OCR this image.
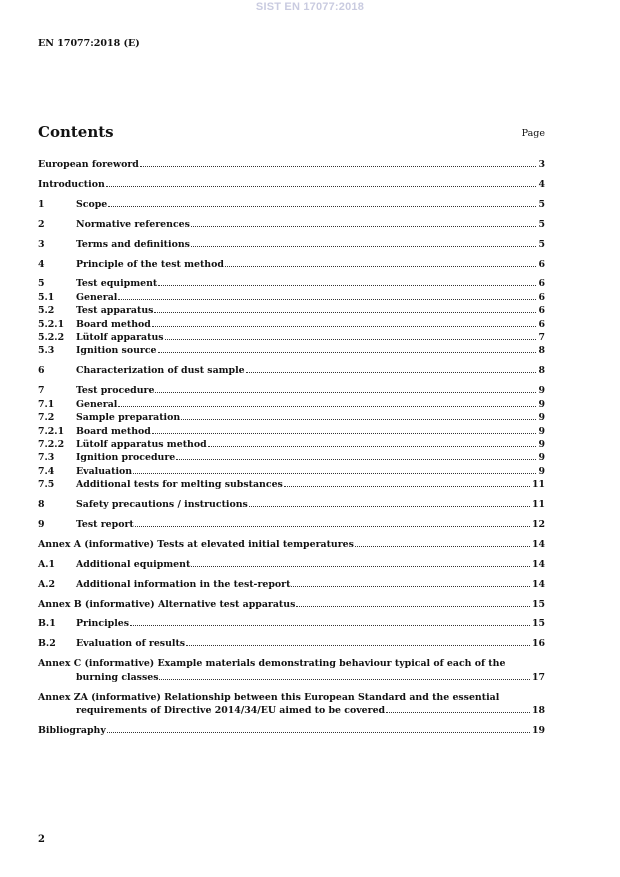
SIST EN 17077:2018
EN 17077:2018 (E)
Contents	Page
European foreword	3
Introduction	4
1	Scope	5
2	Normative references	5
3	Terms and definitions	5
4	Principle of the test method	6
5	Test equipment	6
5.1	General	6
5.2	Test apparatus	6
5.2.1	Board method	6
5.2.2	Lütolf apparatus	7
5.3	Ignition source	8
6	Characterization of dust sample	8
7	Test procedure	9
7.1	General	9
7.2	Sample preparation	9
7.2.1	Board method	9
7.2.2	Lütolf apparatus method	9
7.3	Ignition procedure	9
7.4	Evaluation	9
7.5	Additional tests for melting substances	11
8	Safety precautions / instructions	11
9	Test report	12
Annex A (informative) Tests at elevated initial temperatures	14
A.1	Additional equipment	14
A.2	Additional information in the test-report	14
Annex B (informative) Alternative test apparatus	15
B.1	Principles	15
B.2	Evaluation of results	16
Annex C (informative) Example materials demonstrating behaviour typical of each of the
burning classes	17
Annex ZA (informative) Relationship between this European Standard and the essential
requirements of Directive 2014/34/EU aimed to be covered	18
Bibliography	19
2
